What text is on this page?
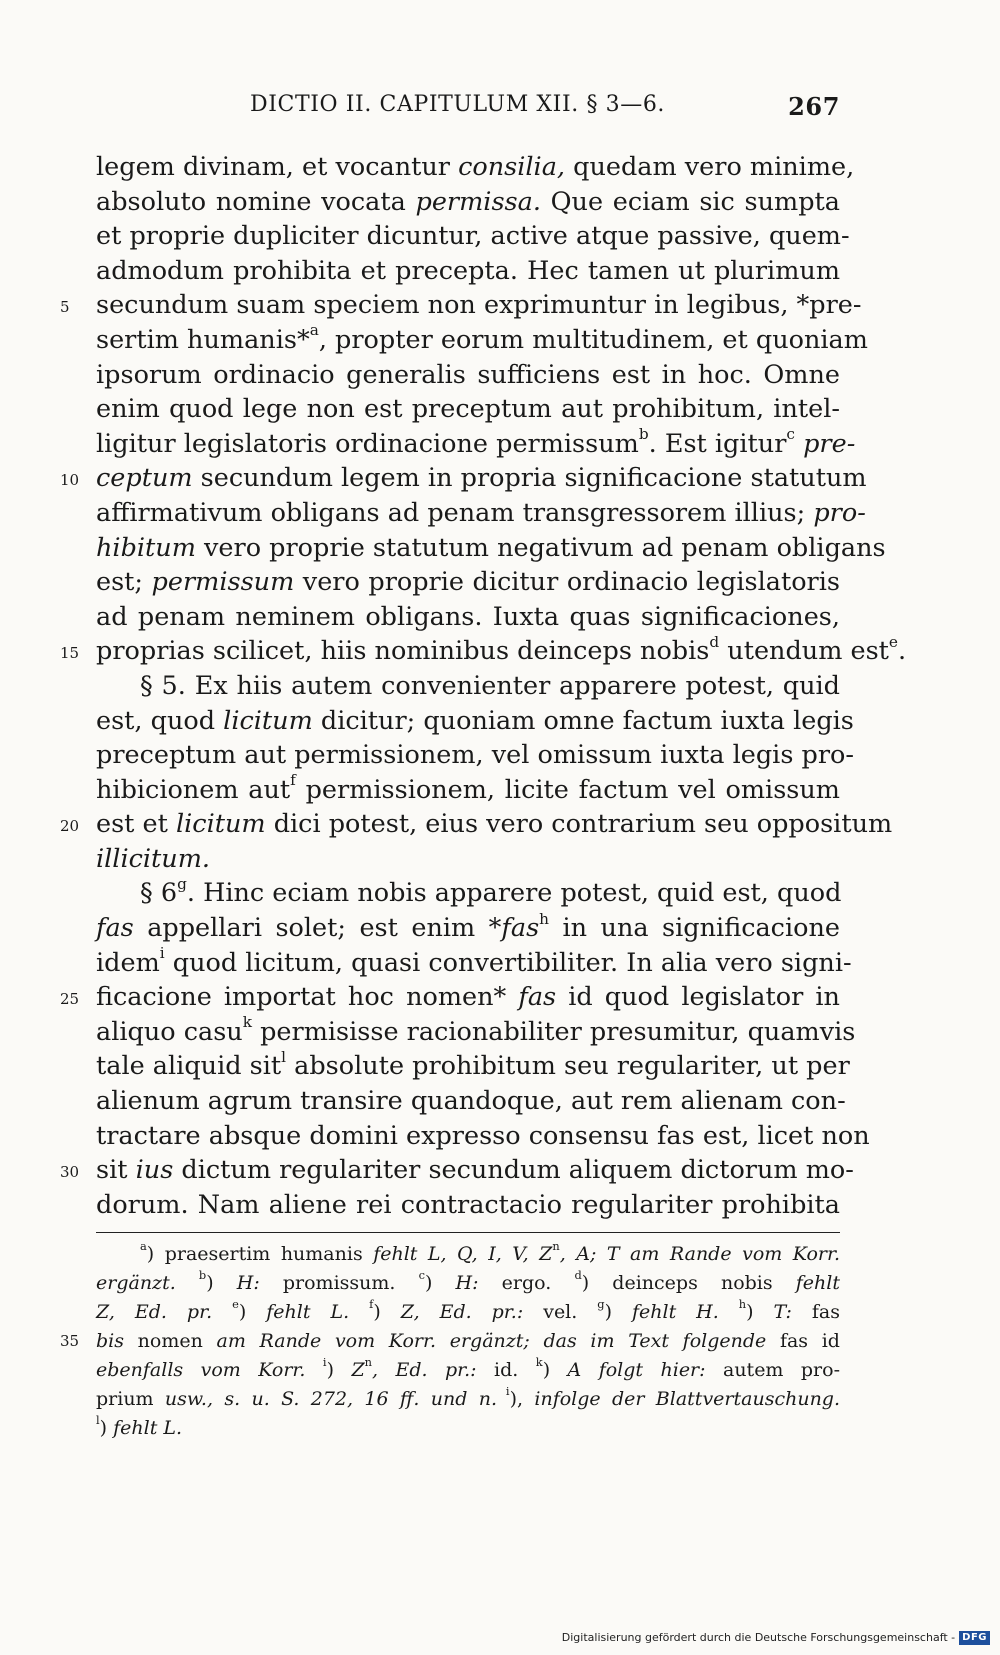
DICTIO II. CAPITULUM XII. § 3—6.	267
legem divinam, et vocantur consilia, quedam vero minime,
absoluto nomine vocata permissa. Que eciam sic sumpta
et proprie dupliciter dicuntur, active atque passive, quem-
admodum prohibita et precepta. Hec tamen ut plurimum
5	secundum suam speciem non exprimuntur in legibus, *pre-
sertim humanis*$^a$, propter eorum multitudinem, et quoniam
ipsorum ordinacio generalis sufficiens est in hoc. Omne
enim quod lege non est preceptum aut prohibitum, intel-
ligitur legislatoris ordinacione permissum$^b$. Est igitur$^c$ pre-
10 ceptum secundum legem in propria significacione statutum
affirmativum obligans ad penam transgressorem illius; pro-
hibitum vero proprie statutum negativum ad penam obligans
est; permissum vero proprie dicitur ordinacio legislatoris
ad penam neminem obligans. Iuxta quas significaciones,
15 proprias scilicet, hiis nominibus deinceps nobis$^d$ utendum est$^e$.
§ 5. Ex hiis autem convenienter apparere potest, quid
est, quod licitum dicitur; quoniam omne factum iuxta legis
preceptum aut permissionem, vel omissum iuxta legis pro-
hibicionem aut$^f$ permissionem, licite factum vel omissum
20 est et licitum dici potest, eius vero contrarium seu oppositum
illicitum.
§ 6$^g$. Hinc eciam nobis apparere potest, quid est, quod
fas appellari solet; est enim *fas$^h$ in una significacione
idem$^i$ quod licitum, quasi convertibiliter. In alia vero signi-
25 ficacione importat hoc nomen* fas id quod legislator in
aliquo casu$^k$ permisisse racionabiliter presumitur, quamvis
tale aliquid sit$^l$ absolute prohibitum seu regulariter, ut per
alienum agrum transire quandoque, aut rem alienam con-
tractare absque domini expresso consensu fas est, licet non
30 sit ius dictum regulariter secundum aliquem dictorum mo-
dorum. Nam aliene rei contractacio regulariter prohibita
$^a$) praesertim humanis fehlt L, Q, I, V, $Z^n$, A; T am Rande vom Korr.
ergänzt. $^b$) H: promissum. $^c$) H: ergo. $^d$) deinceps nobis fehlt
Z, Ed. pr. $^e$) fehlt L. $^f$) Z, Ed. pr.: vel. $^g$) fehlt H. $^h$) T: fas
35 bis nomen am Rande vom Korr. ergänzt; das im Text folgende fas id
ebenfalls vom Korr. $^i$) $Z^n$, Ed. pr.: id. $^k$) A folgt hier: autem pro-
prium usw., s. u. S. 272, 16 ff. und n. $^i$), infolge der Blattvertauschung.
$^l$) fehlt L.
Digitalisierung gefördert durch die Deutsche Forschungsgemeinschaft - DFG
